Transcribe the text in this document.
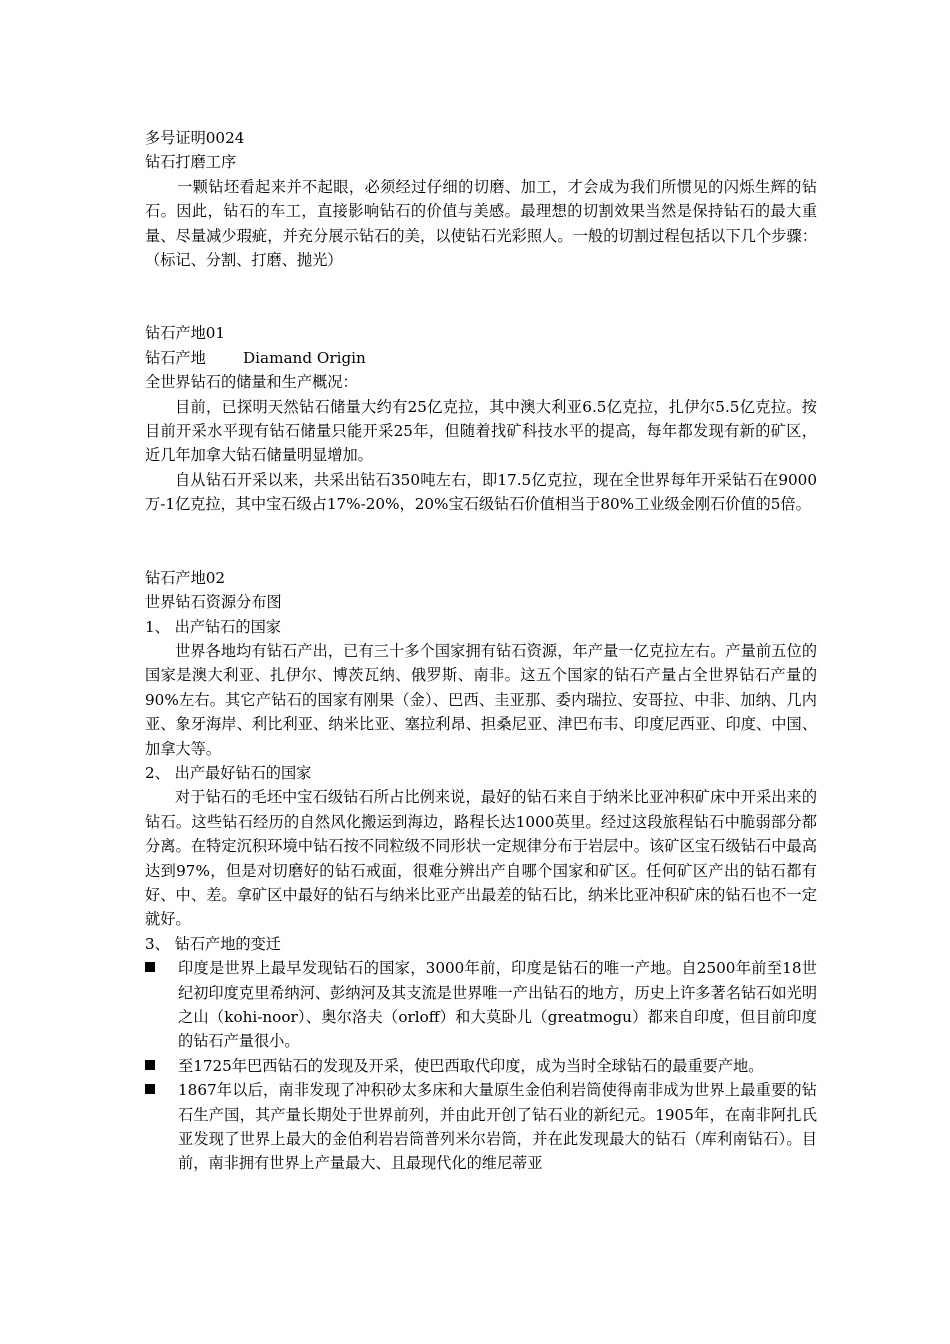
多号证明0024

钻石打磨工序

一颗钻坯看起来并不起眼，必须经过仔细的切磨、加工，才会成为我们所惯见的闪烁生辉的钻石。因此，钻石的车工，直接影响钻石的价值与美感。最理想的切割效果当然是保持钻石的最大重量、尽量减少瑕疵，并充分展示钻石的美，以使钻石光彩照人。一般的切割过程包括以下几个步骤：（标记、分割、打磨、抛光）

钻石产地01

钻石产地 Diamand Origin

全世界钻石的储量和生产概况：

目前，已探明天然钻石储量大约有25亿克拉，其中澳大利亚6.5亿克拉，扎伊尔5.5亿克拉。按目前开采水平现有钻石储量只能开采25年，但随着找矿科技水平的提高，每年都发现有新的矿区，近几年加拿大钻石储量明显增加。

自从钻石开采以来，共采出钻石350吨左右，即17.5亿克拉，现在全世界每年开采钻石在9000万-1亿克拉，其中宝石级占17%-20%，20%宝石级钻石价值相当于80%工业级金刚石价值的5倍。

钻石产地02

世界钻石资源分布图

1、 出产钻石的国家

世界各地均有钻石产出，已有三十多个国家拥有钻石资源，年产量一亿克拉左右。产量前五位的国家是澳大利亚、扎伊尔、博茨瓦纳、俄罗斯、南非。这五个国家的钻石产量占全世界钻石产量的90%左右。其它产钻石的国家有刚果（金）、巴西、圭亚那、委内瑞拉、安哥拉、中非、加纳、几内亚、象牙海岸、利比利亚、纳米比亚、塞拉利昂、担桑尼亚、津巴布韦、印度尼西亚、印度、中国、加拿大等。

2、 出产最好钻石的国家

对于钻石的毛坯中宝石级钻石所占比例来说，最好的钻石来自于纳米比亚冲积矿床中开采出来的钻石。这些钻石经历的自然风化搬运到海边，路程长达1000英里。经过这段旅程钻石中脆弱部分都分离。在特定沉积环境中钻石按不同粒级不同形状一定规律分布于岩层中。该矿区宝石级钻石中最高达到97%，但是对切磨好的钻石戒面，很难分辨出产自哪个国家和矿区。任何矿区产出的钻石都有好、中、差。拿矿区中最好的钻石与纳米比亚产出最差的钻石比，纳米比亚冲积矿床的钻石也不一定就好。

3、 钻石产地的变迁

印度是世界上最早发现钻石的国家，3000年前，印度是钻石的唯一产地。自2500年前至18世纪初印度克里希纳河、彭纳河及其支流是世界唯一产出钻石的地方，历史上许多著名钻石如光明之山（kohi-noor）、奥尔洛夫（orloff）和大莫卧儿（greatmogu）都来自印度，但目前印度的钻石产量很小。
至1725年巴西钻石的发现及开采，使巴西取代印度，成为当时全球钻石的最重要产地。
1867年以后，南非发现了冲积砂太多床和大量原生金伯利岩筒使得南非成为世界上最重要的钻石生产国，其产量长期处于世界前列，并由此开创了钻石业的新纪元。1905年，在南非阿扎氏亚发现了世界上最大的金伯利岩岩筒普列米尔岩筒，并在此发现最大的钻石（库利南钻石）。目前，南非拥有世界上产量最大、且最现代化的维尼蒂亚
